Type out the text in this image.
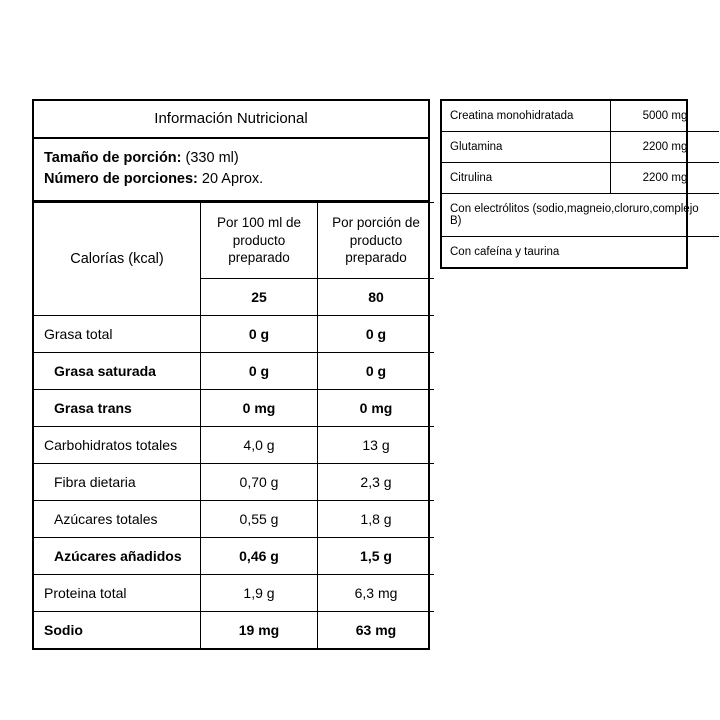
Información Nutricional
Tamaño de porción: (330 ml)
Número de porciones: 20 Aprox.
Calorías (kcal)	Por 100 ml de producto preparado	Por porción de producto preparado

	25	80

Grasa total	0 g	0 g

Grasa saturada	0 g	0 g

Grasa trans	0 mg	0 mg

Carbohidratos totales	4,0 g	13 g

Fibra dietaria	0,70 g	2,3 g

Azúcares totales	0,55 g	1,8 g

Azúcares añadidos	0,46 g	1,5 g

Proteina total	1,9 g	6,3 mg

Sodio	19 mg	63 mg
Creatina monohidratada	5000 mg
Glutamina	2200 mg
Citrulina	2200 mg
Con electrólitos (sodio,magneio,cloruro,complejo B)	
Con cafeína y taurina	
